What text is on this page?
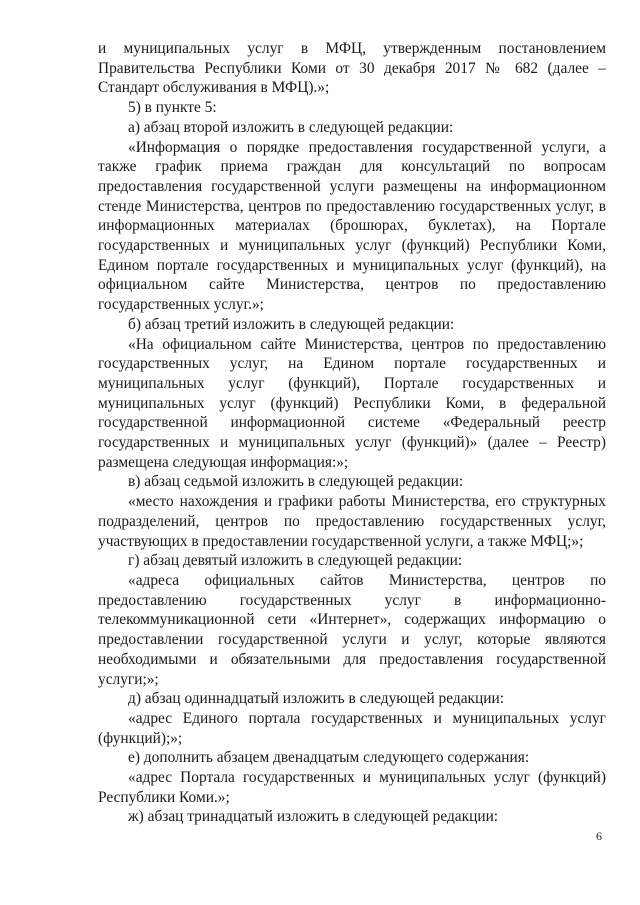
и муниципальных услуг в МФЦ, утвержденным постановлением Правительства Республики Коми от 30 декабря 2017 № 682 (далее – Стандарт обслуживания в МФЦ).»;

5) в пункте 5:

а) абзац второй изложить в следующей редакции:

«Информация о порядке предоставления государственной услуги, а также график приема граждан для консультаций по вопросам предоставления государственной услуги размещены на информационном стенде Министерства, центров по предоставлению государственных услуг, в информационных материалах (брошюрах, буклетах), на Портале государственных и муниципальных услуг (функций) Республики Коми, Едином портале государственных и муниципальных услуг (функций), на официальном сайте Министерства, центров по предоставлению государственных услуг.»;

б) абзац третий изложить в следующей редакции:

«На официальном сайте Министерства, центров по предоставлению государственных услуг, на Едином портале государственных и муниципальных услуг (функций), Портале государственных и муниципальных услуг (функций) Республики Коми, в федеральной государственной информационной системе «Федеральный реестр государственных и муниципальных услуг (функций)» (далее – Реестр) размещена следующая информация:»;

в) абзац седьмой изложить в следующей редакции:

«место нахождения и графики работы Министерства, его структурных подразделений, центров по предоставлению государственных услуг, участвующих в предоставлении государственной услуги, а также МФЦ;»;

г) абзац девятый изложить в следующей редакции:

«адреса официальных сайтов Министерства, центров по предоставлению государственных услуг в информационно-телекоммуникационной сети «Интернет», содержащих информацию о предоставлении государственной услуги и услуг, которые являются необходимыми и обязательными для предоставления государственной услуги;»;

д) абзац одиннадцатый изложить в следующей редакции:

«адрес Единого портала государственных и муниципальных услуг (функций);»;

е) дополнить абзацем двенадцатым следующего содержания:

«адрес Портала государственных и муниципальных услуг (функций) Республики Коми.»;

ж) абзац тринадцатый изложить в следующей редакции:

6
